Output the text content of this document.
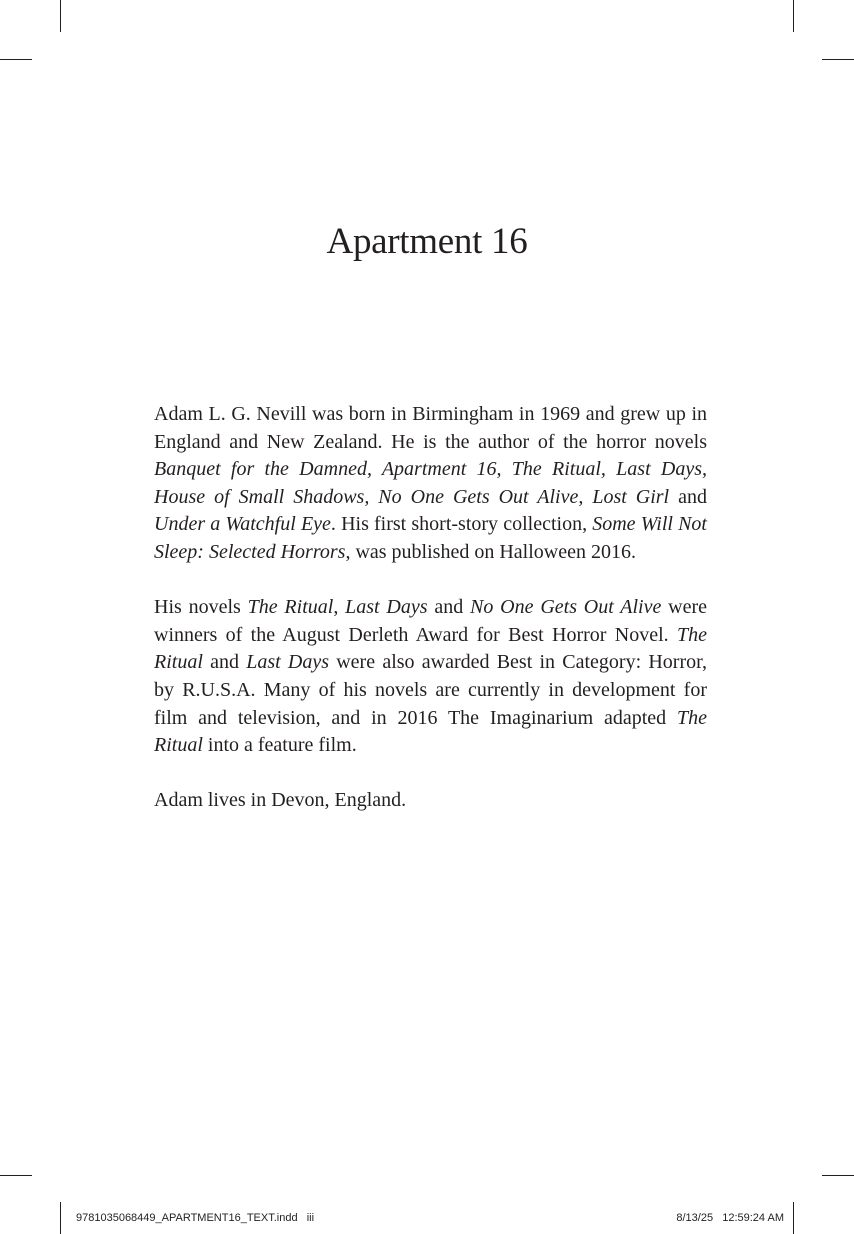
Apartment 16

Adam L. G. Nevill was born in Birmingham in 1969 and grew up in England and New Zealand. He is the author of the horror novels Banquet for the Damned, Apartment 16, The Ritual, Last Days, House of Small Shadows, No One Gets Out Alive, Lost Girl and Under a Watchful Eye. His first short-story collection, Some Will Not Sleep: Selected Horrors, was published on Halloween 2016.

His novels The Ritual, Last Days and No One Gets Out Alive were winners of the August Derleth Award for Best Horror Novel. The Ritual and Last Days were also awarded Best in Category: Horror, by R.U.S.A. Many of his novels are currently in development for film and television, and in 2016 The Imaginarium adapted The Ritual into a feature film.

Adam lives in Devon, England.

9781035068449_APARTMENT16_TEXT.indd   iii	8/13/25   12:59:24 AM
